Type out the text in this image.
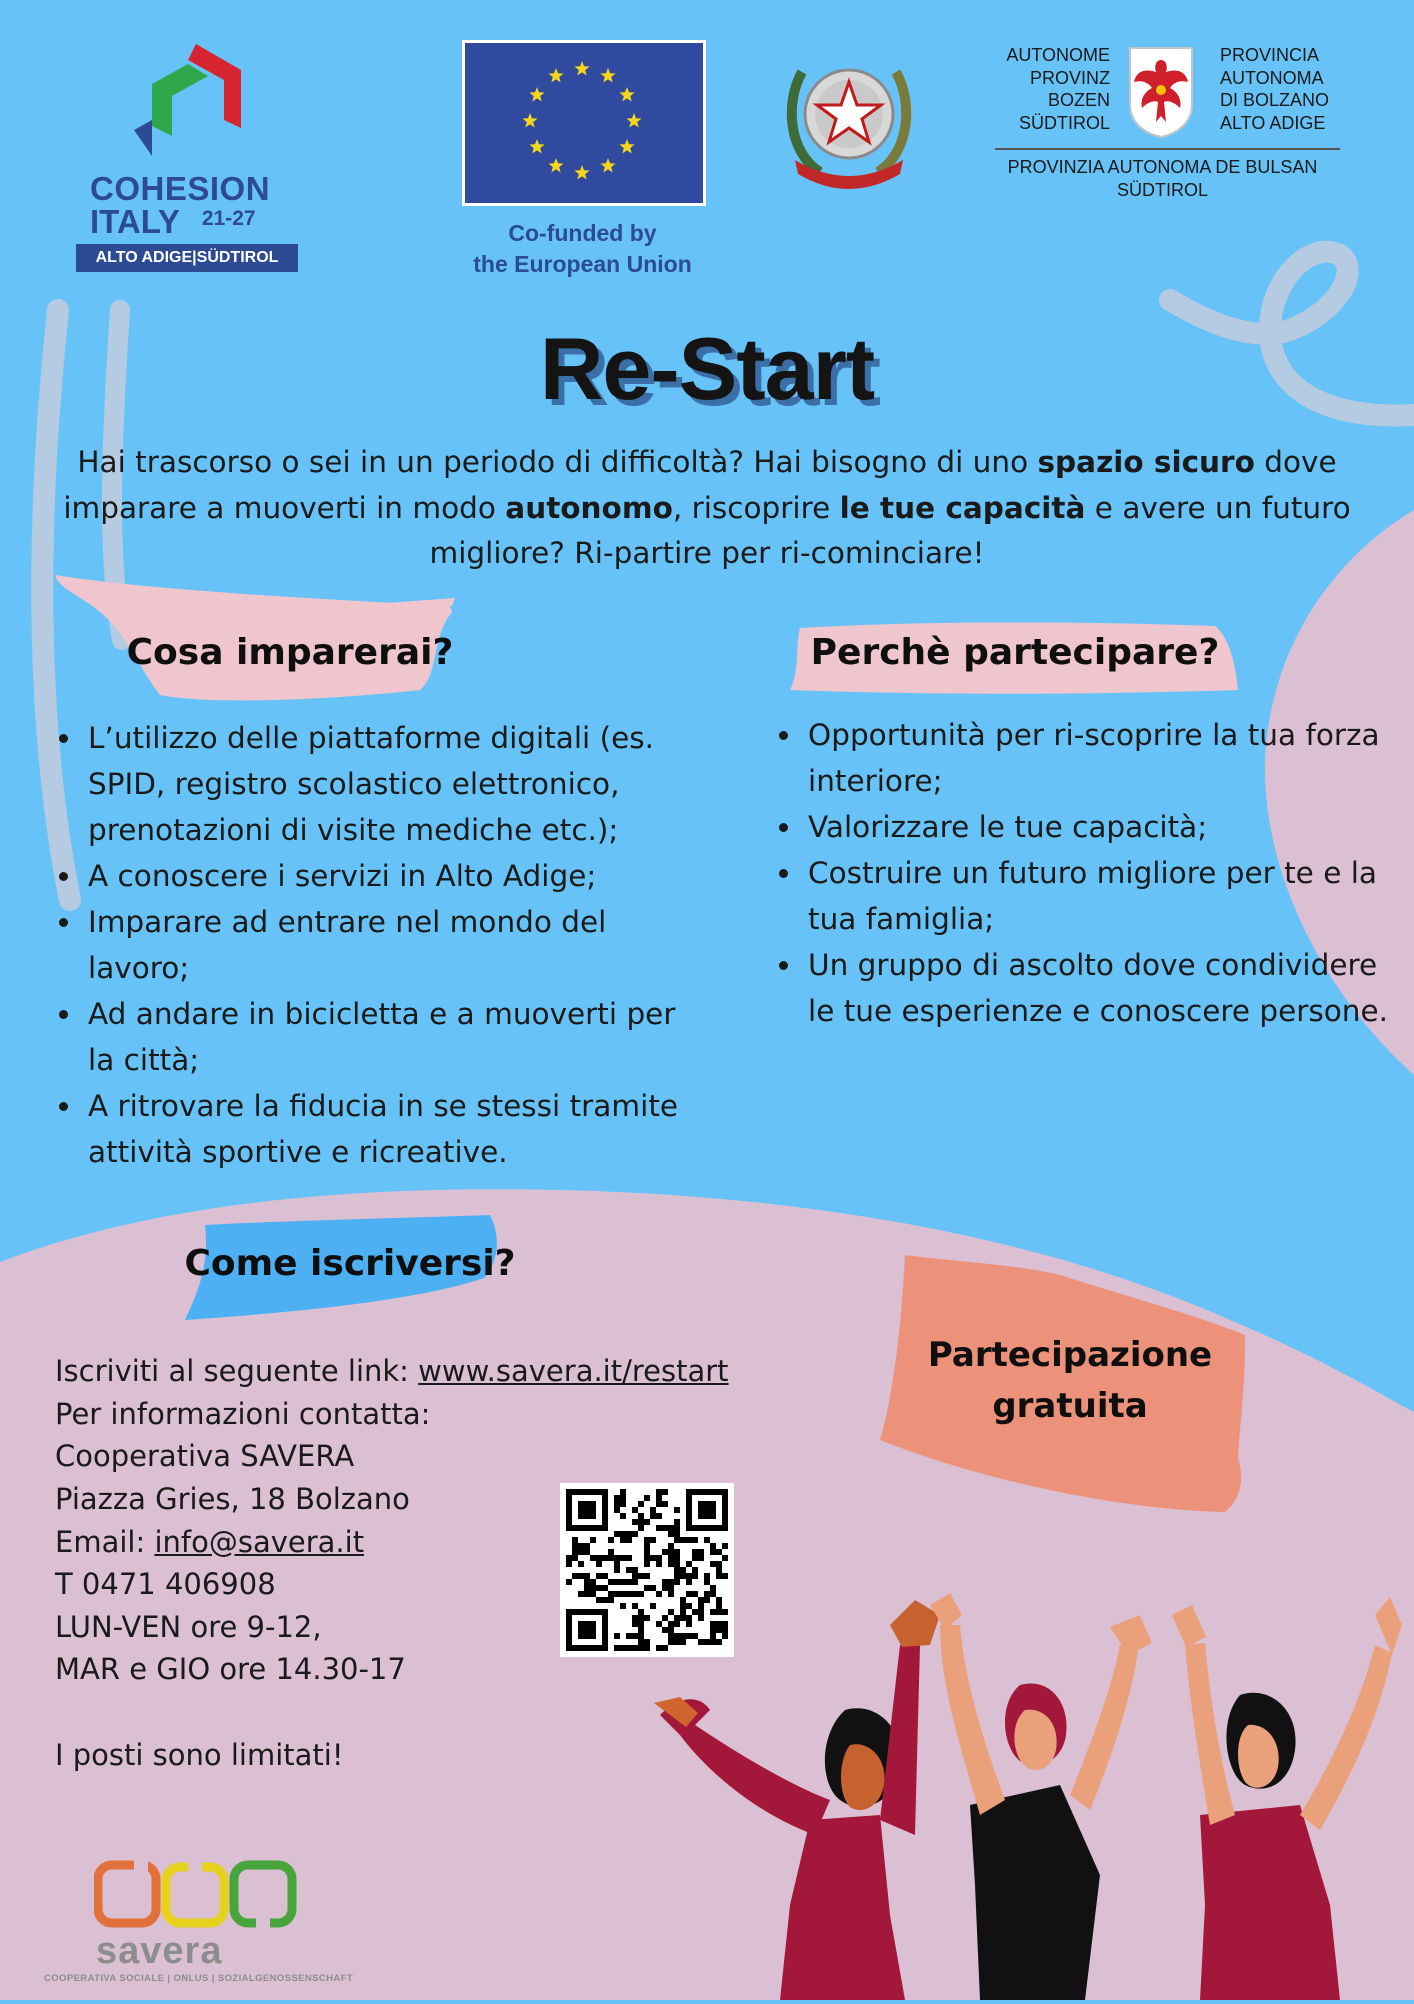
COHESION
ITALY 21-27
ALTO ADIGE|SÜDTIROL
Co-funded by
the European Union
AUTONOME
PROVINZ
BOZEN
SÜDTIROL
PROVINCIA
AUTONOMA
DI BOLZANO
ALTO ADIGE
PROVINZIA AUTONOMA DE BULSAN
SÜDTIROL
Re-Start
Hai trascorso o sei in un periodo di difficoltà? Hai bisogno di uno spazio sicuro dove imparare a muoverti in modo autonomo, riscoprire le tue capacità e avere un futuro migliore? Ri-partire per ri-cominciare!
Cosa imparerai?	Perchè partecipare?
• L’utilizzo delle piattaforme digitali (es. SPID, registro scolastico elettronico, prenotazioni di visite mediche etc.);
• A conoscere i servizi in Alto Adige;
• Imparare ad entrare nel mondo del lavoro;
• Ad andare in bicicletta e a muoverti per la città;
• A ritrovare la fiducia in se stessi tramite attività sportive e ricreative.
• Opportunità per ri-scoprire la tua forza interiore;
• Valorizzare le tue capacità;
• Costruire un futuro migliore per te e la tua famiglia;
• Un gruppo di ascolto dove condividere le tue esperienze e conoscere persone.
Come iscriversi?
Partecipazione
gratuita
Iscriviti al seguente link: www.savera.it/restart
Per informazioni contatta:
Cooperativa SAVERA
Piazza Gries, 18 Bolzano
Email: info@savera.it
T 0471 406908
LUN-VEN ore 9-12,
MAR e GIO ore 14.30-17
I posti sono limitati!
savera
COOPERATIVA SOCIALE | ONLUS | SOZIALGENOSSENSCHAFT
